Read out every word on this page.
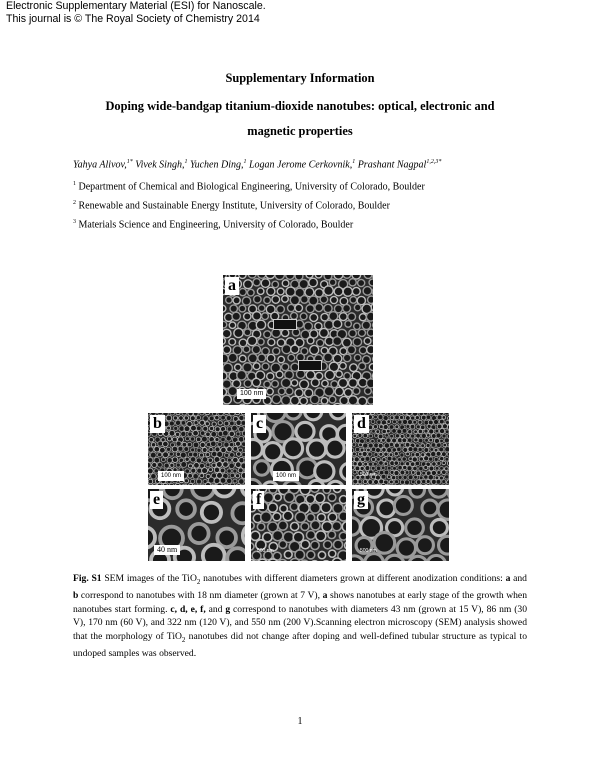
Electronic Supplementary Material (ESI) for Nanoscale.
This journal is © The Royal Society of Chemistry 2014
Supplementary Information
Doping wide-bandgap titanium-dioxide nanotubes: optical, electronic and
magnetic properties
Yahya Alivov,$^{1*}$ Vivek Singh,$^1$ Yuchen Ding,$^1$ Logan Jerome Cerkovnik,$^1$ Prashant Nagpal$^{1,2,3*}$
$^1$ Department of Chemical and Biological Engineering, University of Colorado, Boulder
$^2$ Renewable and Sustainable Energy Institute, University of Colorado, Boulder
$^3$ Materials Science and Engineering, University of Colorado, Boulder
a
100 nm
b
100 nm
c
100 nm
d
500 nm
e
40 nm
f
500 nm
g
500 nm
Fig. S1 SEM images of the TiO$_2$ nanotubes with different diameters grown at different anodization conditions: a and b correspond to nanotubes with 18 nm diameter (grown at 7 V), a shows nanotubes at early stage of the growth when nanotubes start forming. c, d, e, f, and g correspond to nanotubes with diameters 43 nm (grown at 15 V), 86 nm (30 V), 170 nm (60 V), and 322 nm (120 V), and 550 nm (200 V).Scanning electron microscopy (SEM) analysis showed that the morphology of TiO$_2$ nanotubes did not change after doping and well-defined tubular structure as typical to undoped samples was observed.
1
